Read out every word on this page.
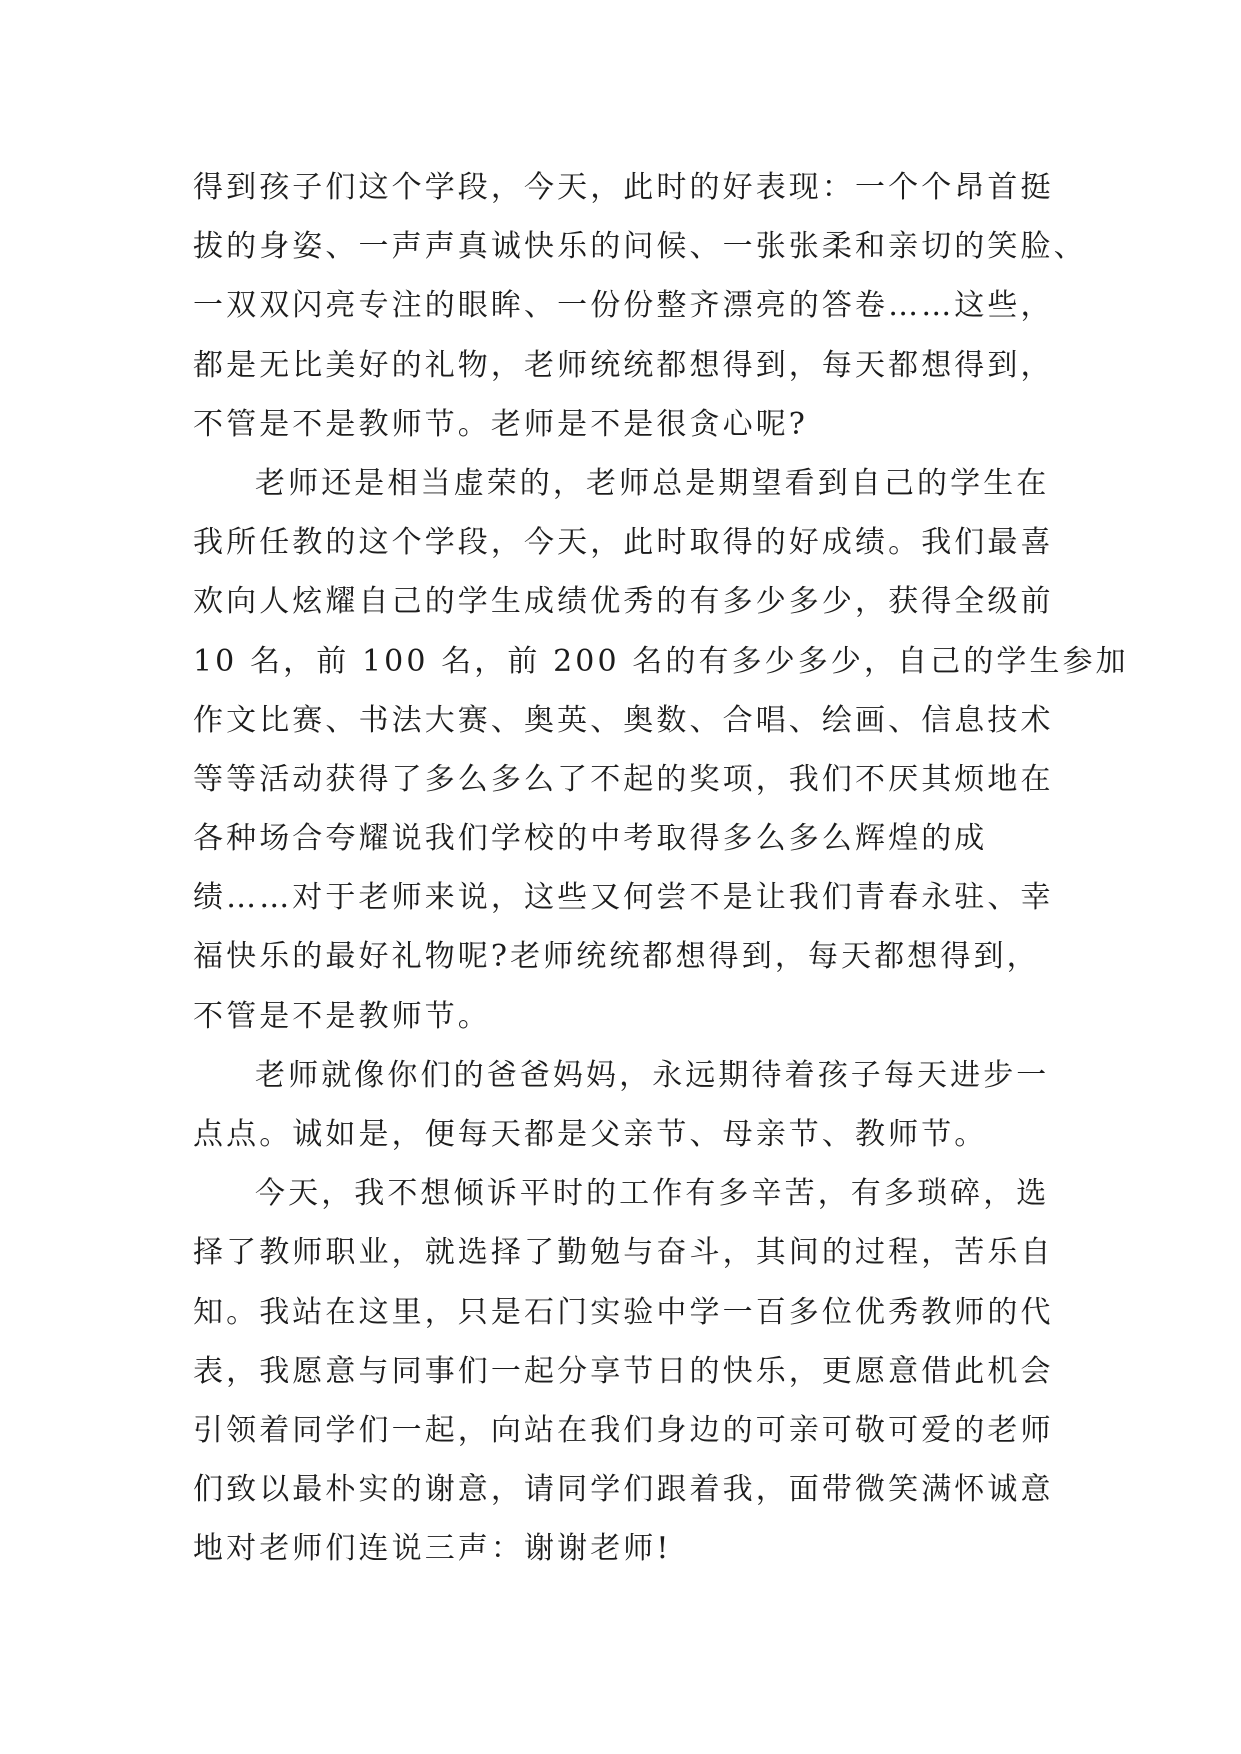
得到孩子们这个学段，今天，此时的好表现：一个个昂首挺
拔的身姿、一声声真诚快乐的问候、一张张柔和亲切的笑脸、
一双双闪亮专注的眼眸、一份份整齐漂亮的答卷……这些，
都是无比美好的礼物，老师统统都想得到，每天都想得到，
不管是不是教师节。老师是不是很贪心呢?
老师还是相当虚荣的，老师总是期望看到自己的学生在
我所任教的这个学段，今天，此时取得的好成绩。我们最喜
欢向人炫耀自己的学生成绩优秀的有多少多少，获得全级前
10 名，前 100 名，前 200 名的有多少多少，自己的学生参加
作文比赛、书法大赛、奥英、奥数、合唱、绘画、信息技术
等等活动获得了多么多么了不起的奖项，我们不厌其烦地在
各种场合夸耀说我们学校的中考取得多么多么辉煌的成
绩……对于老师来说，这些又何尝不是让我们青春永驻、幸
福快乐的最好礼物呢?老师统统都想得到，每天都想得到，
不管是不是教师节。
老师就像你们的爸爸妈妈，永远期待着孩子每天进步一
点点。诚如是，便每天都是父亲节、母亲节、教师节。
今天，我不想倾诉平时的工作有多辛苦，有多琐碎，选
择了教师职业，就选择了勤勉与奋斗，其间的过程，苦乐自
知。我站在这里，只是石门实验中学一百多位优秀教师的代
表，我愿意与同事们一起分享节日的快乐，更愿意借此机会
引领着同学们一起，向站在我们身边的可亲可敬可爱的老师
们致以最朴实的谢意，请同学们跟着我，面带微笑满怀诚意
地对老师们连说三声：谢谢老师!
